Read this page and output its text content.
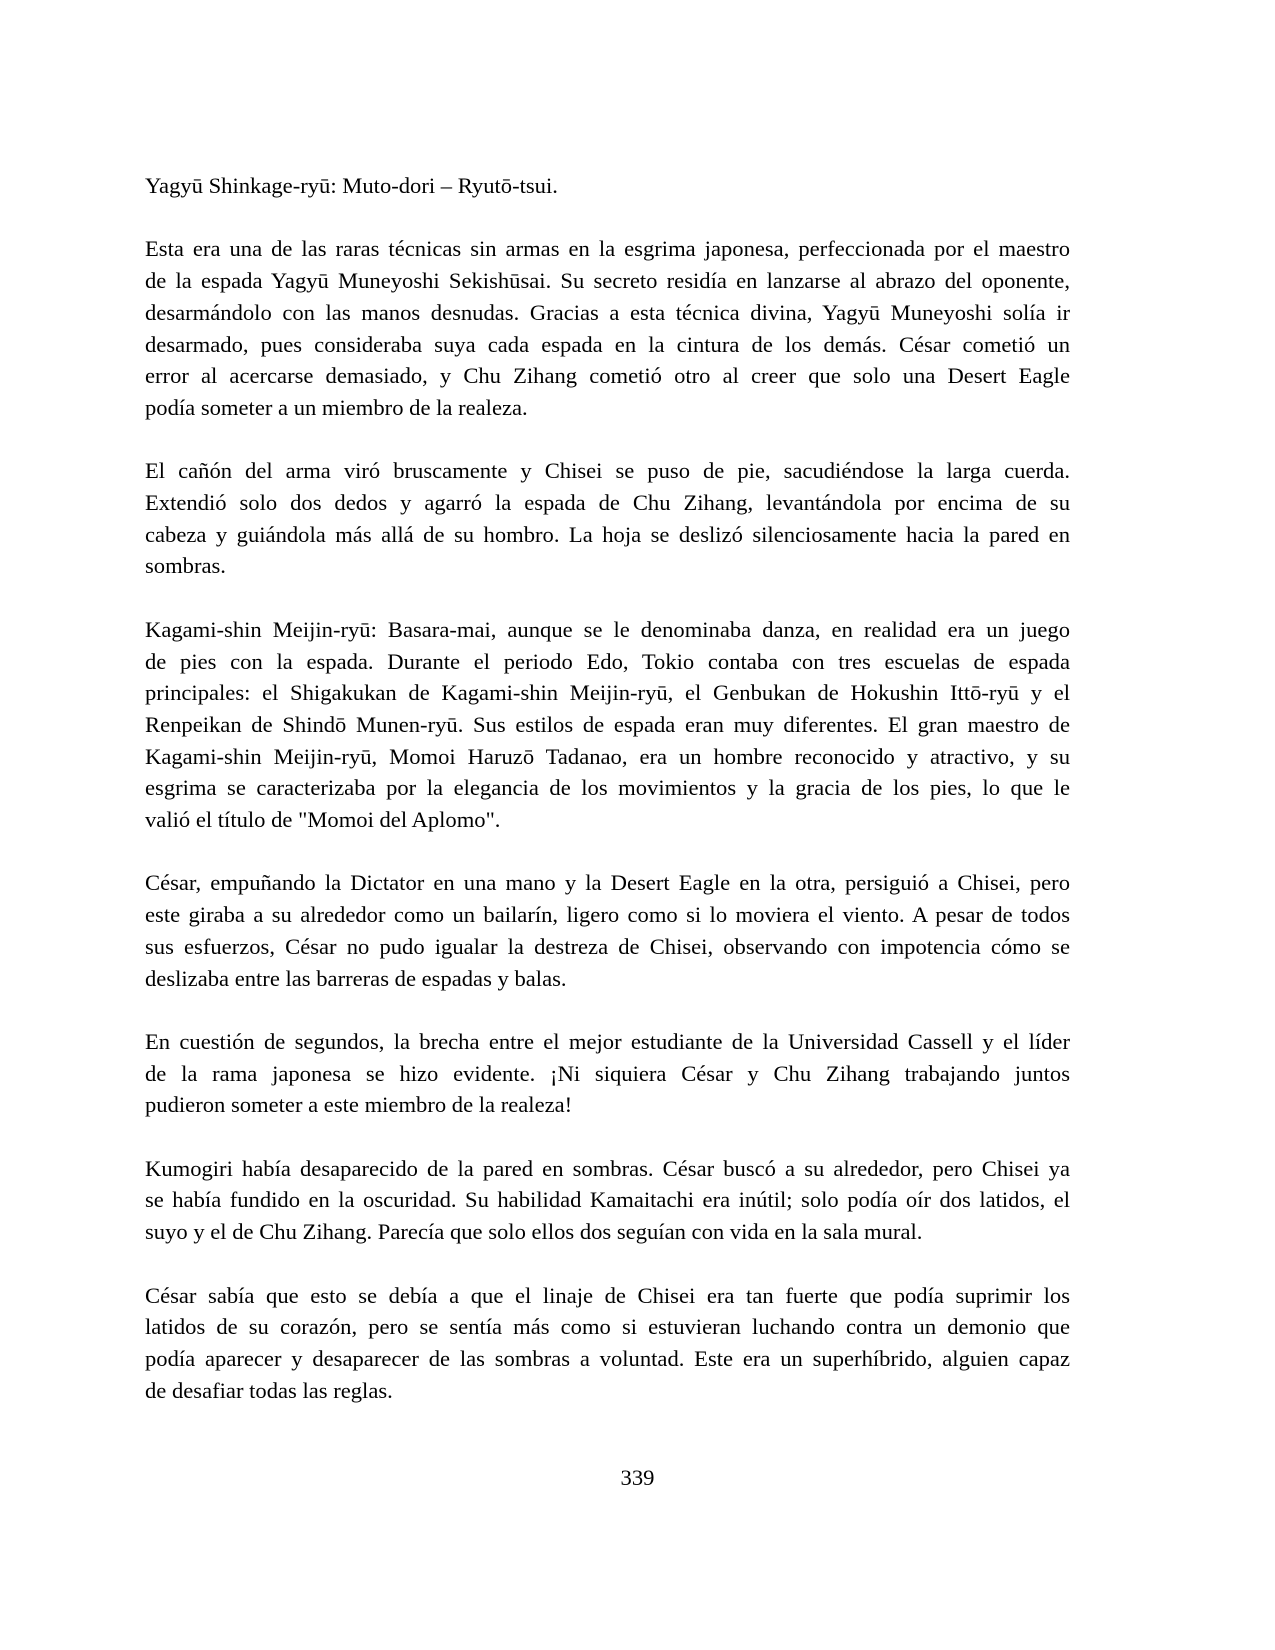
Yagyū Shinkage-ryū: Muto-dori – Ryutō-tsui.

Esta era una de las raras técnicas sin armas en la esgrima japonesa, perfeccionada por el maestro
de la espada Yagyū Muneyoshi Sekishūsai. Su secreto residía en lanzarse al abrazo del oponente,
desarmándolo con las manos desnudas. Gracias a esta técnica divina, Yagyū Muneyoshi solía ir
desarmado, pues consideraba suya cada espada en la cintura de los demás. César cometió un
error al acercarse demasiado, y Chu Zihang cometió otro al creer que solo una Desert Eagle
podía someter a un miembro de la realeza.

El cañón del arma viró bruscamente y Chisei se puso de pie, sacudiéndose la larga cuerda.
Extendió solo dos dedos y agarró la espada de Chu Zihang, levantándola por encima de su
cabeza y guiándola más allá de su hombro. La hoja se deslizó silenciosamente hacia la pared en
sombras.

Kagami-shin Meijin-ryū: Basara-mai, aunque se le denominaba danza, en realidad era un juego
de pies con la espada. Durante el periodo Edo, Tokio contaba con tres escuelas de espada
principales: el Shigakukan de Kagami-shin Meijin-ryū, el Genbukan de Hokushin Ittō-ryū y el
Renpeikan de Shindō Munen-ryū. Sus estilos de espada eran muy diferentes. El gran maestro de
Kagami-shin Meijin-ryū, Momoi Haruzō Tadanao, era un hombre reconocido y atractivo, y su
esgrima se caracterizaba por la elegancia de los movimientos y la gracia de los pies, lo que le
valió el título de "Momoi del Aplomo".

César, empuñando la Dictator en una mano y la Desert Eagle en la otra, persiguió a Chisei, pero
este giraba a su alrededor como un bailarín, ligero como si lo moviera el viento. A pesar de todos
sus esfuerzos, César no pudo igualar la destreza de Chisei, observando con impotencia cómo se
deslizaba entre las barreras de espadas y balas.

En cuestión de segundos, la brecha entre el mejor estudiante de la Universidad Cassell y el líder
de la rama japonesa se hizo evidente. ¡Ni siquiera César y Chu Zihang trabajando juntos
pudieron someter a este miembro de la realeza!

Kumogiri había desaparecido de la pared en sombras. César buscó a su alrededor, pero Chisei ya
se había fundido en la oscuridad. Su habilidad Kamaitachi era inútil; solo podía oír dos latidos, el
suyo y el de Chu Zihang. Parecía que solo ellos dos seguían con vida en la sala mural.

César sabía que esto se debía a que el linaje de Chisei era tan fuerte que podía suprimir los
latidos de su corazón, pero se sentía más como si estuvieran luchando contra un demonio que
podía aparecer y desaparecer de las sombras a voluntad. Este era un superhíbrido, alguien capaz
de desafiar todas las reglas.

339
